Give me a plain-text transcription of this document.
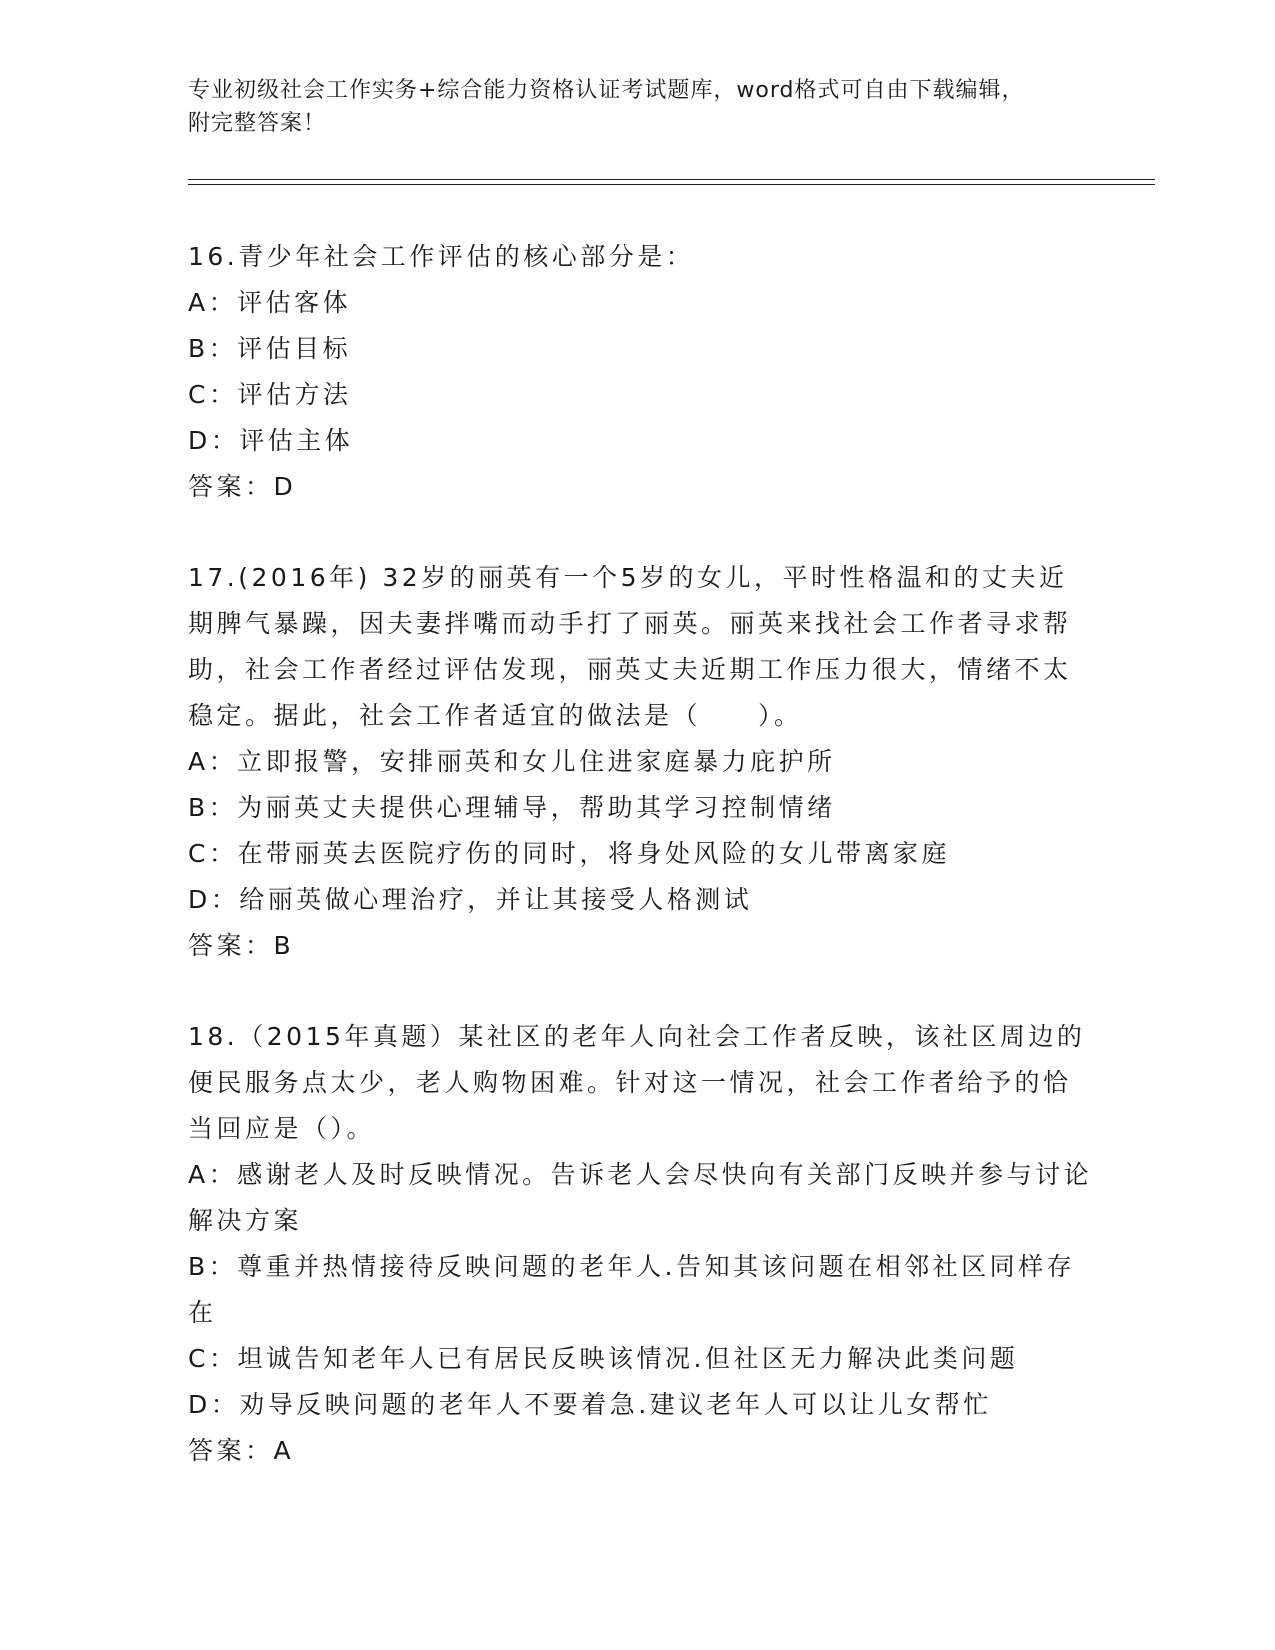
专业初级社会工作实务+综合能力资格认证考试题库，word格式可自由下载编辑，
附完整答案！

16.青少年社会工作评估的核心部分是：

A：评估客体

B：评估目标

C：评估方法

D：评估主体

答案：D

17.(2016年) 32岁的丽英有一个5岁的女儿，平时性格温和的丈夫近期脾气暴躁，因夫妻拌嘴而动手打了丽英。丽英来找社会工作者寻求帮助，社会工作者经过评估发现，丽英丈夫近期工作压力很大，情绪不太稳定。据此，社会工作者适宜的做法是（　　）。

A：立即报警，安排丽英和女儿住进家庭暴力庇护所

B：为丽英丈夫提供心理辅导，帮助其学习控制情绪

C：在带丽英去医院疗伤的同时，将身处风险的女儿带离家庭

D：给丽英做心理治疗，并让其接受人格测试

答案：B

18.（2015年真题）某社区的老年人向社会工作者反映，该社区周边的便民服务点太少，老人购物困难。针对这一情况，社会工作者给予的恰当回应是（）。

A：感谢老人及时反映情况。告诉老人会尽快向有关部门反映并参与讨论解决方案

B：尊重并热情接待反映问题的老年人.告知其该问题在相邻社区同样存在

C：坦诚告知老年人已有居民反映该情况.但社区无力解决此类问题

D：劝导反映问题的老年人不要着急.建议老年人可以让儿女帮忙

答案：A
